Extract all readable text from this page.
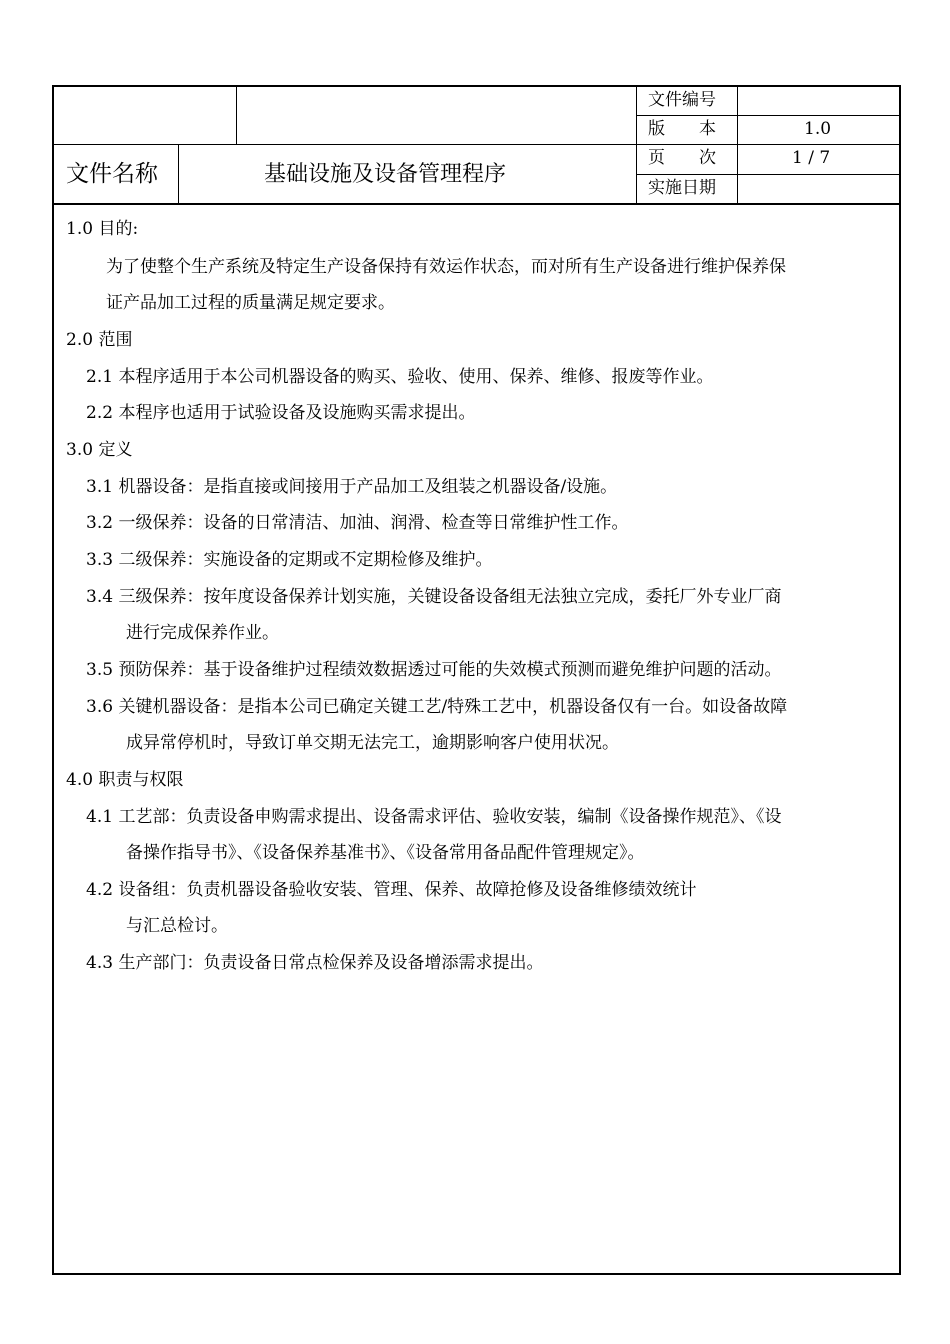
文件名称	基础设施及设备管理程序
文件编号
版　　本	1.0
页　　次	1 / 7
实施日期
1.0 目的:
为了使整个生产系统及特定生产设备保持有效运作状态，而对所有生产设备进行维护保养保
证产品加工过程的质量满足规定要求。
2.0 范围
2.1 本程序适用于本公司机器设备的购买、验收、使用、保养、维修、报废等作业。
2.2 本程序也适用于试验设备及设施购买需求提出。
3.0 定义
3.1 机器设备：是指直接或间接用于产品加工及组装之机器设备/设施。
3.2 一级保养：设备的日常清洁、加油、润滑、检查等日常维护性工作。
3.3 二级保养：实施设备的定期或不定期检修及维护。
3.4 三级保养：按年度设备保养计划实施，关键设备设备组无法独立完成，委托厂外专业厂商
进行完成保养作业。
3.5 预防保养：基于设备维护过程绩效数据透过可能的失效模式预测而避免维护问题的活动。
3.6 关键机器设备：是指本公司已确定关键工艺/特殊工艺中，机器设备仅有一台。如设备故障
成异常停机时，导致订单交期无法完工，逾期影响客户使用状况。
4.0 职责与权限
4.1 工艺部：负责设备申购需求提出、设备需求评估、验收安装，编制《设备操作规范》、《设
备操作指导书》、《设备保养基准书》、《设备常用备品配件管理规定》。
4.2 设备组：负责机器设备验收安装、管理、保养、故障抢修及设备维修绩效统计
与汇总检讨。
4.3 生产部门：负责设备日常点检保养及设备增添需求提出。
